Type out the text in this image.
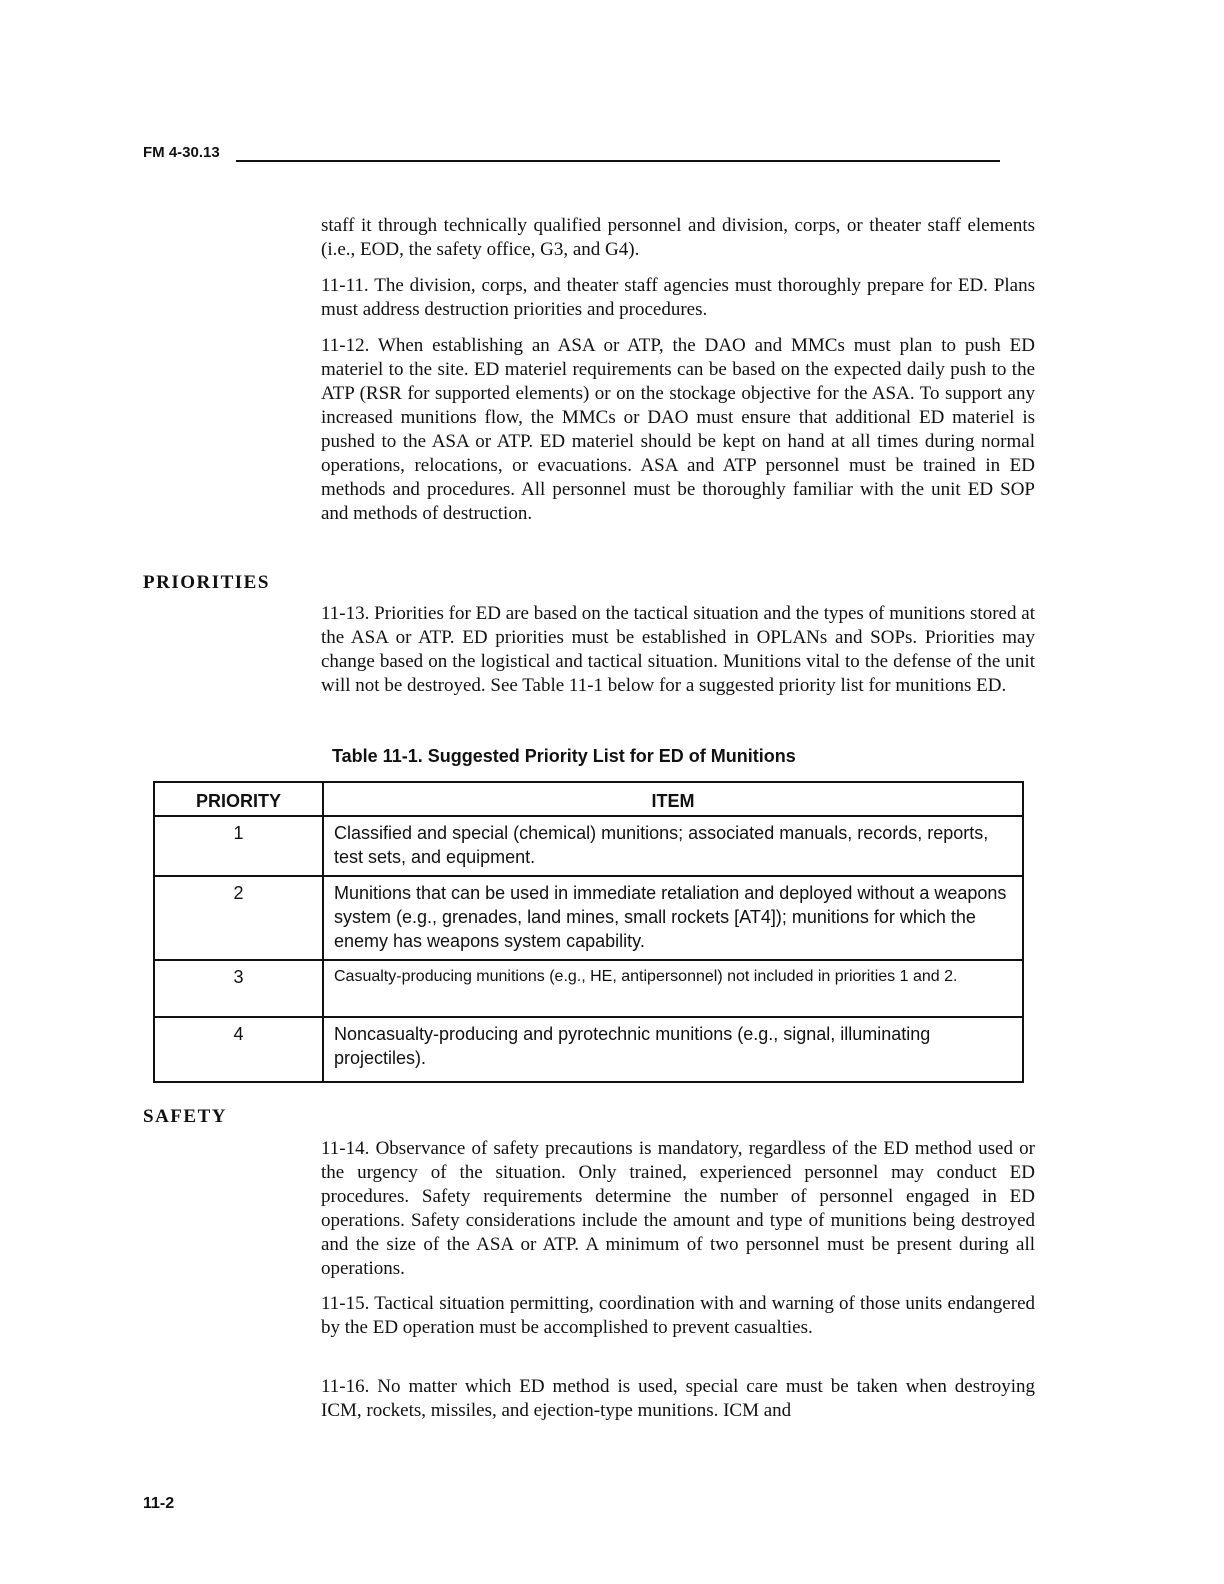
FM 4-30.13

staff it through technically qualified personnel and division, corps, or theater staff elements (i.e., EOD, the safety office, G3, and G4).

11-11. The division, corps, and theater staff agencies must thoroughly prepare for ED. Plans must address destruction priorities and procedures.

11-12. When establishing an ASA or ATP, the DAO and MMCs must plan to push ED materiel to the site. ED materiel requirements can be based on the expected daily push to the ATP (RSR for supported elements) or on the stockage objective for the ASA. To support any increased munitions flow, the MMCs or DAO must ensure that additional ED materiel is pushed to the ASA or ATP. ED materiel should be kept on hand at all times during normal operations, relocations, or evacuations. ASA and ATP personnel must be trained in ED methods and procedures. All personnel must be thoroughly familiar with the unit ED SOP and methods of destruction.

PRIORITIES

11-13. Priorities for ED are based on the tactical situation and the types of munitions stored at the ASA or ATP. ED priorities must be established in OPLANs and SOPs. Priorities may change based on the logistical and tactical situation. Munitions vital to the defense of the unit will not be destroyed. See Table 11-1 below for a suggested priority list for munitions ED.

Table 11-1. Suggested Priority List for ED of Munitions

PRIORITY	ITEM
1	Classified and special (chemical) munitions; associated manuals, records, reports, test sets, and equipment.
2	Munitions that can be used in immediate retaliation and deployed without a weapons system (e.g., grenades, land mines, small rockets [AT4]); munitions for which the enemy has weapons system capability.
3	Casualty-producing munitions (e.g., HE, antipersonnel) not included in priorities 1 and 2.
4	Noncasualty-producing and pyrotechnic munitions (e.g., signal, illuminating projectiles).
SAFETY

11-14. Observance of safety precautions is mandatory, regardless of the ED method used or the urgency of the situation. Only trained, experienced personnel may conduct ED procedures. Safety requirements determine the number of personnel engaged in ED operations. Safety considerations include the amount and type of munitions being destroyed and the size of the ASA or ATP. A minimum of two personnel must be present during all operations.

11-15. Tactical situation permitting, coordination with and warning of those units endangered by the ED operation must be accomplished to prevent casualties.

11-16. No matter which ED method is used, special care must be taken when destroying ICM, rockets, missiles, and ejection-type munitions. ICM and

11-2
